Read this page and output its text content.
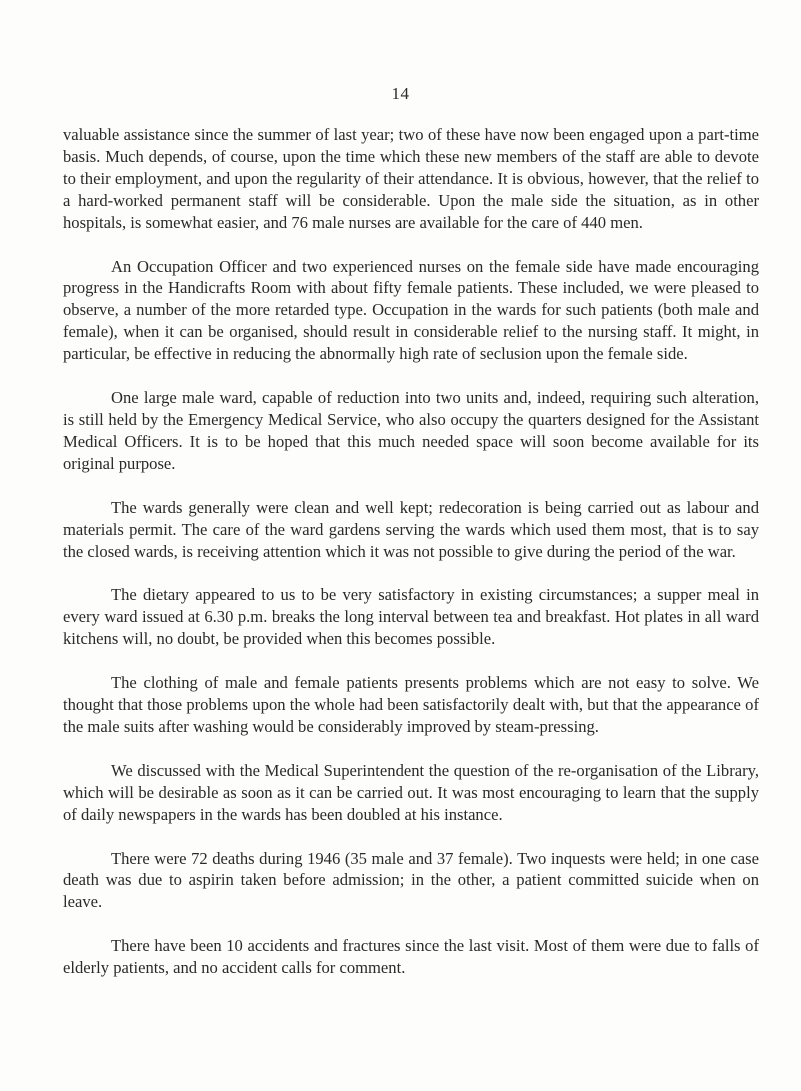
14

valuable assistance since the summer of last year; two of these have now been engaged upon a part-time basis. Much depends, of course, upon the time which these new members of the staff are able to devote to their employment, and upon the regularity of their attendance. It is obvious, however, that the relief to a hard-worked permanent staff will be considerable. Upon the male side the situation, as in other hospitals, is somewhat easier, and 76 male nurses are available for the care of 440 men.

An Occupation Officer and two experienced nurses on the female side have made encouraging progress in the Handicrafts Room with about fifty female patients. These included, we were pleased to observe, a number of the more retarded type. Occupation in the wards for such patients (both male and female), when it can be organised, should result in considerable relief to the nursing staff. It might, in particular, be effective in reducing the abnormally high rate of seclusion upon the female side.

One large male ward, capable of reduction into two units and, indeed, requiring such alteration, is still held by the Emergency Medical Service, who also occupy the quarters designed for the Assistant Medical Officers. It is to be hoped that this much needed space will soon become available for its original purpose.

The wards generally were clean and well kept; redecoration is being carried out as labour and materials permit. The care of the ward gardens serving the wards which used them most, that is to say the closed wards, is receiving attention which it was not possible to give during the period of the war.

The dietary appeared to us to be very satisfactory in existing circumstances; a supper meal in every ward issued at 6.30 p.m. breaks the long interval between tea and breakfast. Hot plates in all ward kitchens will, no doubt, be provided when this becomes possible.

The clothing of male and female patients presents problems which are not easy to solve. We thought that those problems upon the whole had been satisfactorily dealt with, but that the appearance of the male suits after washing would be considerably improved by steam-pressing.

We discussed with the Medical Superintendent the question of the re-organisation of the Library, which will be desirable as soon as it can be carried out. It was most encouraging to learn that the supply of daily newspapers in the wards has been doubled at his instance.

There were 72 deaths during 1946 (35 male and 37 female). Two inquests were held; in one case death was due to aspirin taken before admission; in the other, a patient committed suicide when on leave.

There have been 10 accidents and fractures since the last visit. Most of them were due to falls of elderly patients, and no accident calls for comment.
